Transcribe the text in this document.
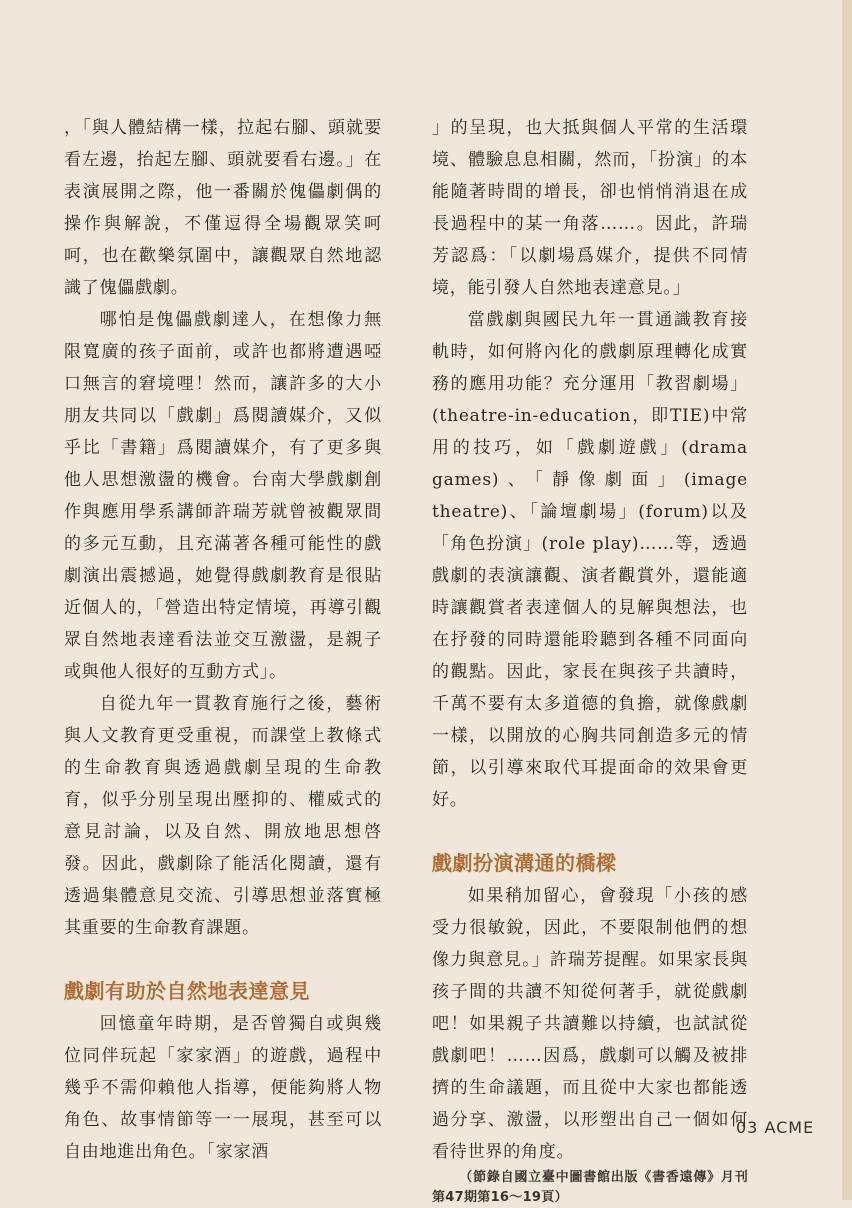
，「與人體結構一樣，拉起右腳、頭就要看左邊，抬起左腳、頭就要看右邊。」在表演展開之際，他一番關於傀儡劇偶的操作與解說，不僅逗得全場觀眾笑呵呵，也在歡樂氛圍中，讓觀眾自然地認識了傀儡戲劇。

哪怕是傀儡戲劇達人，在想像力無限寬廣的孩子面前，或許也都將遭遇啞口無言的窘境哩！然而，讓許多的大小朋友共同以「戲劇」爲閱讀媒介，又似乎比「書籍」爲閱讀媒介，有了更多與他人思想激盪的機會。台南大學戲劇創作與應用學系講師許瑞芳就曾被觀眾間的多元互動，且充滿著各種可能性的戲劇演出震撼過，她覺得戲劇教育是很貼近個人的，「營造出特定情境，再導引觀眾自然地表達看法並交互激盪，是親子或與他人很好的互動方式」。

自從九年一貫教育施行之後，藝術與人文教育更受重視，而課堂上教條式的生命教育與透過戲劇呈現的生命教育，似乎分別呈現出壓抑的、權威式的意見討論，以及自然、開放地思想啓發。因此，戲劇除了能活化閱讀，還有透過集體意見交流、引導思想並落實極其重要的生命教育課題。

戲劇有助於自然地表達意見

回憶童年時期，是否曾獨自或與幾位同伴玩起「家家酒」的遊戲，過程中幾乎不需仰賴他人指導，便能夠將人物角色、故事情節等一一展現，甚至可以自由地進出角色。「家家酒

」的呈現，也大抵與個人平常的生活環境、體驗息息相關，然而，「扮演」的本能隨著時間的增長，卻也悄悄消退在成長過程中的某一角落……。因此，許瑞芳認爲：「以劇場爲媒介，提供不同情境，能引發人自然地表達意見。」

當戲劇與國民九年一貫通識教育接軌時，如何將內化的戲劇原理轉化成實務的應用功能？充分運用「教習劇場」(theatre-in-education，即TIE)中常用的技巧，如「戲劇遊戲」(drama games)、「靜像劇面」(image theatre)、「論壇劇場」(forum)以及「角色扮演」(role play)……等，透過戲劇的表演讓觀、演者觀賞外，還能適時讓觀賞者表達個人的見解與想法，也在抒發的同時還能聆聽到各種不同面向的觀點。因此，家長在與孩子共讀時，千萬不要有太多道德的負擔，就像戲劇一樣，以開放的心胸共同創造多元的情節，以引導來取代耳提面命的效果會更好。

戲劇扮演溝通的橋樑

如果稍加留心，會發現「小孩的感受力很敏銳，因此，不要限制他們的想像力與意見。」許瑞芳提醒。如果家長與孩子間的共讀不知從何著手，就從戲劇吧！如果親子共讀難以持續，也試試從戲劇吧！……因爲，戲劇可以觸及被排擠的生命議題，而且從中大家也都能透過分享、激盪，以形塑出自己一個如何看待世界的角度。

（節錄自國立臺中圖書館出版《書香遠傳》月刊第47期第16～19頁）

03 ACME
